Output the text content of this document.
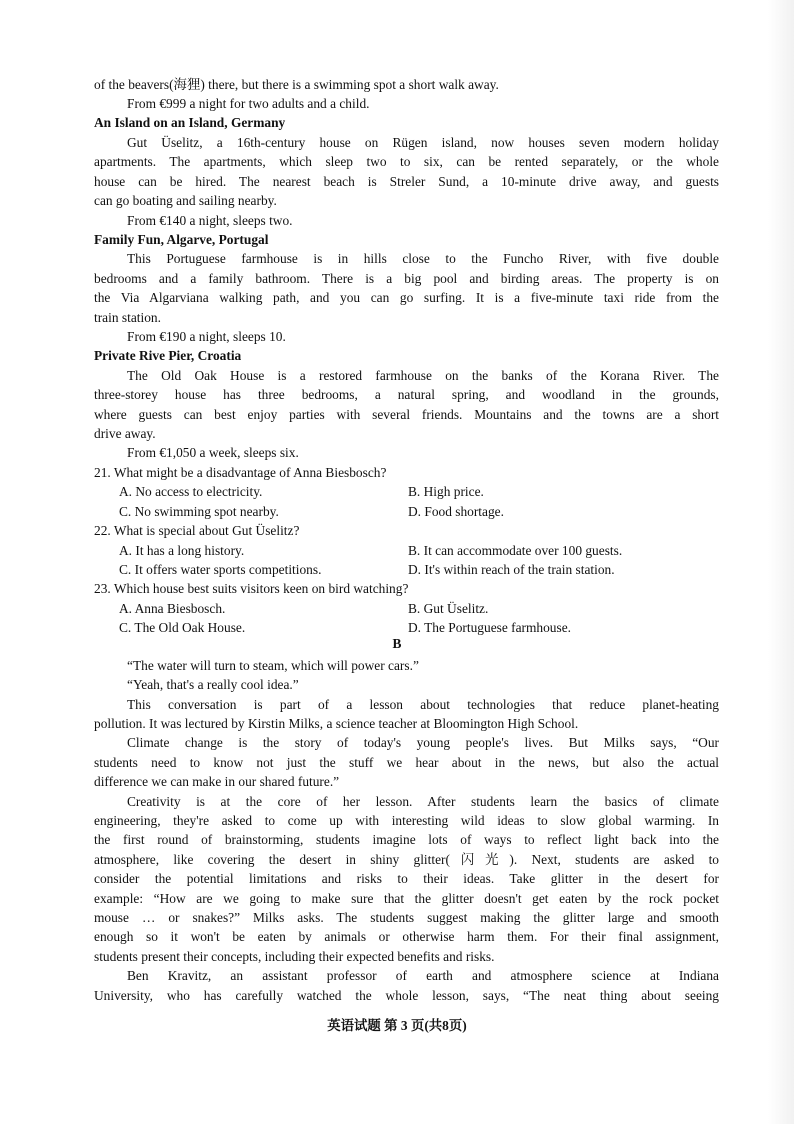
of the beavers(海狸) there, but there is a swimming spot a short walk away.
From €999 a night for two adults and a child.
An Island on an Island, Germany
Gut Üselitz, a 16th-century house on Rügen island, now houses seven modern holiday
apartments. The apartments, which sleep two to six, can be rented separately, or the whole
house can be hired. The nearest beach is Streler Sund, a 10-minute drive away, and guests
can go boating and sailing nearby.
From €140 a night, sleeps two.
Family Fun, Algarve, Portugal
This Portuguese farmhouse is in hills close to the Funcho River, with five double
bedrooms and a family bathroom. There is a big pool and birding areas. The property is on
the Via Algarviana walking path, and you can go surfing. It is a five-minute taxi ride from the
train station.
From €190 a night, sleeps 10.
Private Rive Pier, Croatia
The Old Oak House is a restored farmhouse on the banks of the Korana River. The
three-storey house has three bedrooms, a natural spring, and woodland in the grounds,
where guests can best enjoy parties with several friends. Mountains and the towns are a short
drive away.
From €1,050 a week, sleeps six.
21. What might be a disadvantage of Anna Biesbosch?
A. No access to electricity.	B. High price.
C. No swimming spot nearby.	D. Food shortage.
22. What is special about Gut Üselitz?
A. It has a long history.	B. It can accommodate over 100 guests.
C. It offers water sports competitions.	D. It's within reach of the train station.
23. Which house best suits visitors keen on bird watching?
A. Anna Biesbosch.	B. Gut Üselitz.
C. The Old Oak House.	D. The Portuguese farmhouse.
B
“The water will turn to steam, which will power cars.”
“Yeah, that's a really cool idea.”
This conversation is part of a lesson about technologies that reduce planet-heating
pollution. It was lectured by Kirstin Milks, a science teacher at Bloomington High School.
Climate change is the story of today's young people's lives. But Milks says, “Our
students need to know not just the stuff we hear about in the news, but also the actual
difference we can make in our shared future.”
Creativity is at the core of her lesson. After students learn the basics of climate
engineering, they're asked to come up with interesting wild ideas to slow global warming. In
the first round of brainstorming, students imagine lots of ways to reflect light back into the
atmosphere, like covering the desert in shiny glitter(闪光). Next, students are asked to
consider the potential limitations and risks to their ideas. Take glitter in the desert for
example: “How are we going to make sure that the glitter doesn't get eaten by the rock pocket
mouse … or snakes?” Milks asks. The students suggest making the glitter large and smooth
enough so it won't be eaten by animals or otherwise harm them. For their final assignment,
students present their concepts, including their expected benefits and risks.
Ben Kravitz, an assistant professor of earth and atmosphere science at Indiana
University, who has carefully watched the whole lesson, says, “The neat thing about seeing
英语试题 第 3 页(共8页)
